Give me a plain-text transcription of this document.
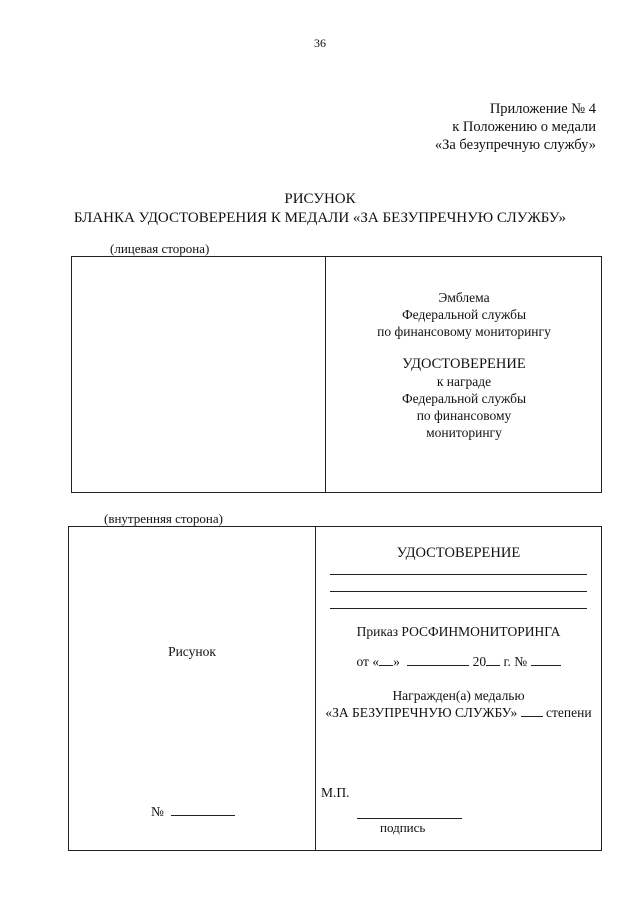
36
Приложение № 4
к Положению о медали
«За безупречную службу»
РИСУНОК
БЛАНКА УДОСТОВЕРЕНИЯ К МЕДАЛИ «ЗА БЕЗУПРЕЧНУЮ СЛУЖБУ»
(лицевая сторона)
Эмблема
Федеральной службы
по финансовому мониторингу
УДОСТОВЕРЕНИЕ
к награде
Федеральной службы
по финансовому
мониторингу
(внутренняя сторона)
Рисунок
№
УДОСТОВЕРЕНИЕ
Приказ РОСФИНМОНИТОРИНГА
от « »	20 г. №
Награжден(а) медалью
«ЗА БЕЗУПРЕЧНУЮ СЛУЖБУ» степени
М.П.
подпись
